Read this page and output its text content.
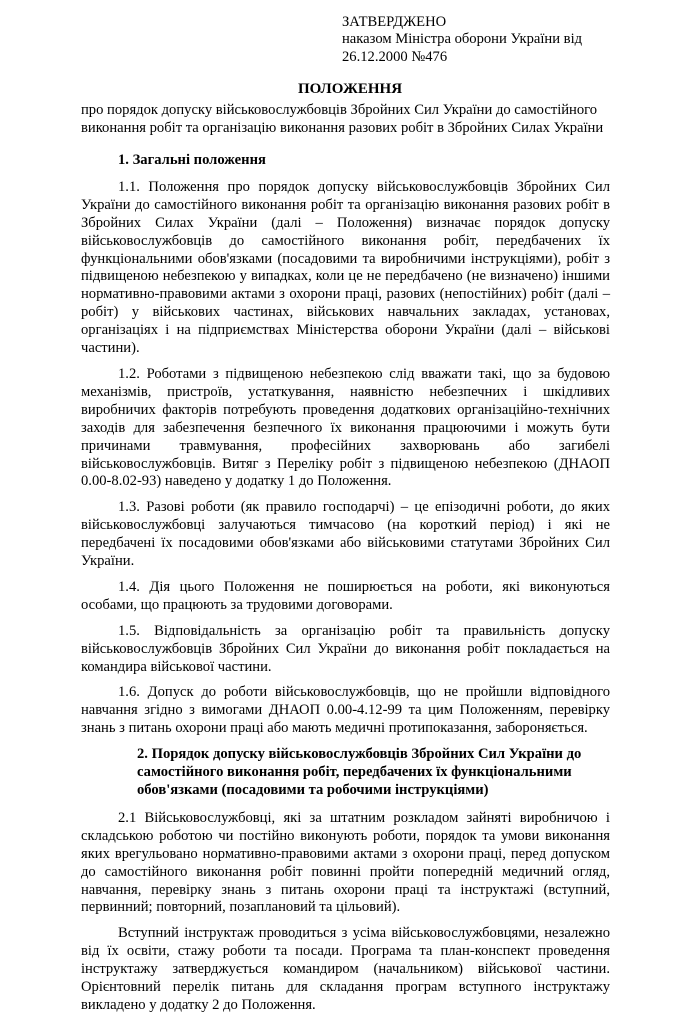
ЗАТВЕРДЖЕНО
наказом Міністра оборони України від
26.12.2000 №476
ПОЛОЖЕННЯ
про порядок допуску військовослужбовців Збройних Сил України до самостійного
виконання робіт та організацію виконання разових робіт в Збройних Силах України
1. Загальні положення

1.1. Положення про порядок допуску військовослужбовців Збройних Сил України до самостійного виконання робіт та організацію виконання разових робіт в Збройних Силах України (далі – Положення) визначає порядок допуску військовослужбовців до самостійного виконання робіт, передбачених їх функціональними обов'язками (посадовими та виробничими інструкціями), робіт з підвищеною небезпекою у випадках, коли це не передбачено (не визначено) іншими нормативно-правовими актами з охорони праці, разових (непостійних) робіт (далі – робіт) у військових частинах, військових навчальних закладах, установах, організаціях і на підприємствах Міністерства оборони України (далі – військові частини).

1.2. Роботами з підвищеною небезпекою слід вважати такі, що за будовою механізмів, пристроїв, устаткування, наявністю небезпечних і шкідливих виробничих факторів потребують проведення додаткових організаційно-технічних заходів для забезпечення безпечного їх виконання працюючими і можуть бути причинами травмування, професійних захворювань або загибелі військовослужбовців. Витяг з Переліку робіт з підвищеною небезпекою (ДНАОП 0.00-8.02-93) наведено у додатку 1 до Положення.

1.3. Разові роботи (як правило господарчі) – це епізодичні роботи, до яких військовослужбовці залучаються тимчасово (на короткий період) і які не передбачені їх посадовими обов'язками або військовими статутами Збройних Сил України.

1.4. Дія цього Положення не поширюється на роботи, які виконуються особами, що працюють за трудовими договорами.

1.5. Відповідальність за організацію робіт та правильність допуску військовослужбовців Збройних Сил України до виконання робіт покладається на командира військової частини.

1.6. Допуск до роботи військовослужбовців, що не пройшли відповідного навчання згідно з вимогами ДНАОП 0.00-4.12-99 та цим Положенням, перевірку знань з питань охорони праці або мають медичні протипоказання, забороняється.

2. Порядок допуску військовослужбовців Збройних Сил України до самостійного виконання робіт, передбачених їх функціональними обов'язками (посадовими та робочими інструкціями)

2.1 Військовослужбовці, які за штатним розкладом зайняті виробничою і складською роботою чи постійно виконують роботи, порядок та умови виконання яких врегульовано нормативно-правовими актами з охорони праці, перед допуском до самостійного виконання робіт повинні пройти попередній медичний огляд, навчання, перевірку знань з питань охорони праці та інструктажі (вступний, первинний; повторний, позаплановий та цільовий).

Вступний інструктаж проводиться з усіма військовослужбовцями, незалежно від їх освіти, стажу роботи та посади. Програма та план-конспект проведення інструктажу затверджується командиром (начальником) військової частини. Орієнтовний перелік питань для складання програм вступного інструктажу викладено у додатку 2 до Положення.
